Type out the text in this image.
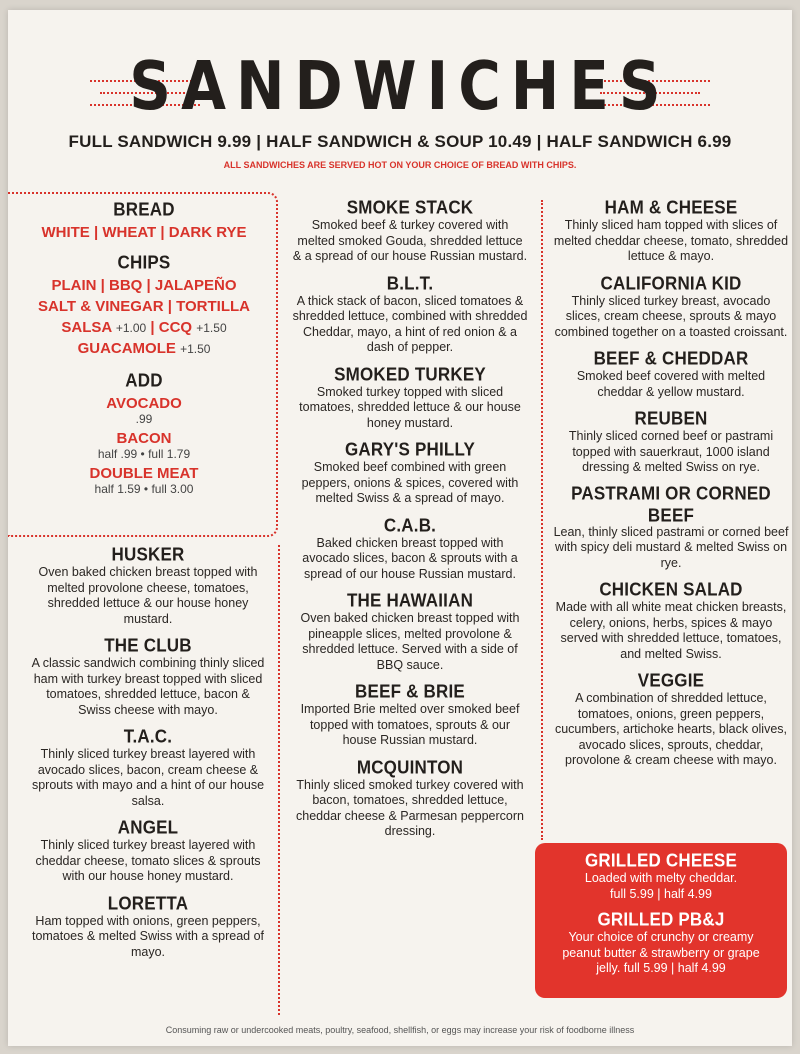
SANDWICHES
FULL SANDWICH 9.99 | HALF SANDWICH & SOUP 10.49 | HALF SANDWICH 6.99
ALL SANDWICHES ARE SERVED HOT ON YOUR CHOICE OF BREAD WITH CHIPS.
BREAD
WHITE | WHEAT | DARK RYE
CHIPS
PLAIN | BBQ | JALAPEÑO
SALT & VINEGAR | TORTILLA
SALSA +1.00 | CCQ +1.50
GUACAMOLE +1.50
ADD
AVOCADO
.99
BACON
half .99 • full 1.79
DOUBLE MEAT
half 1.59 • full 3.00
HUSKER
Oven baked chicken breast topped with melted provolone cheese, tomatoes, shredded lettuce & our house honey mustard.
THE CLUB
A classic sandwich combining thinly sliced ham with turkey breast topped with sliced tomatoes, shredded lettuce, bacon & Swiss cheese with mayo.
T.A.C.
Thinly sliced turkey breast layered with avocado slices, bacon, cream cheese & sprouts with mayo and a hint of our house salsa.
ANGEL
Thinly sliced turkey breast layered with cheddar cheese, tomato slices & sprouts with our house honey mustard.
LORETTA
Ham topped with onions, green peppers, tomatoes & melted Swiss with a spread of mayo.
SMOKE STACK
Smoked beef & turkey covered with melted smoked Gouda, shredded lettuce & a spread of our house Russian mustard.
B.L.T.
A thick stack of bacon, sliced tomatoes & shredded lettuce, combined with shredded Cheddar, mayo, a hint of red onion & a dash of pepper.
SMOKED TURKEY
Smoked turkey topped with sliced tomatoes, shredded lettuce & our house honey mustard.
GARY'S PHILLY
Smoked beef combined with green peppers, onions & spices, covered with melted Swiss & a spread of mayo.
C.A.B.
Baked chicken breast topped with avocado slices, bacon & sprouts with a spread of our house Russian mustard.
THE HAWAIIAN
Oven baked chicken breast topped with pineapple slices, melted provolone & shredded lettuce. Served with a side of BBQ sauce.
BEEF & BRIE
Imported Brie melted over smoked beef topped with tomatoes, sprouts & our house Russian mustard.
MCQUINTON
Thinly sliced smoked turkey covered with bacon, tomatoes, shredded lettuce, cheddar cheese & Parmesan peppercorn dressing.
HAM & CHEESE
Thinly sliced ham topped with slices of melted cheddar cheese, tomato, shredded lettuce & mayo.
CALIFORNIA KID
Thinly sliced turkey breast, avocado slices, cream cheese, sprouts & mayo combined together on a toasted croissant.
BEEF & CHEDDAR
Smoked beef covered with melted cheddar & yellow mustard.
REUBEN
Thinly sliced corned beef or pastrami topped with sauerkraut, 1000 island dressing & melted Swiss on rye.
PASTRAMI OR CORNED BEEF
Lean, thinly sliced pastrami or corned beef with spicy deli mustard & melted Swiss on rye.
CHICKEN SALAD
Made with all white meat chicken breasts, celery, onions, herbs, spices & mayo served with shredded lettuce, tomatoes, and melted Swiss.
VEGGIE
A combination of shredded lettuce, tomatoes, onions, green peppers, cucumbers, artichoke hearts, black olives, avocado slices, sprouts, cheddar, provolone & cream cheese with mayo.
GRILLED CHEESE
Loaded with melty cheddar.
full 5.99 | half 4.99
GRILLED PB&J
Your choice of crunchy or creamy peanut butter & strawberry or grape jelly. full 5.99 | half 4.99
Consuming raw or undercooked meats, poultry, seafood, shellfish, or eggs may increase your risk of foodborne illness
